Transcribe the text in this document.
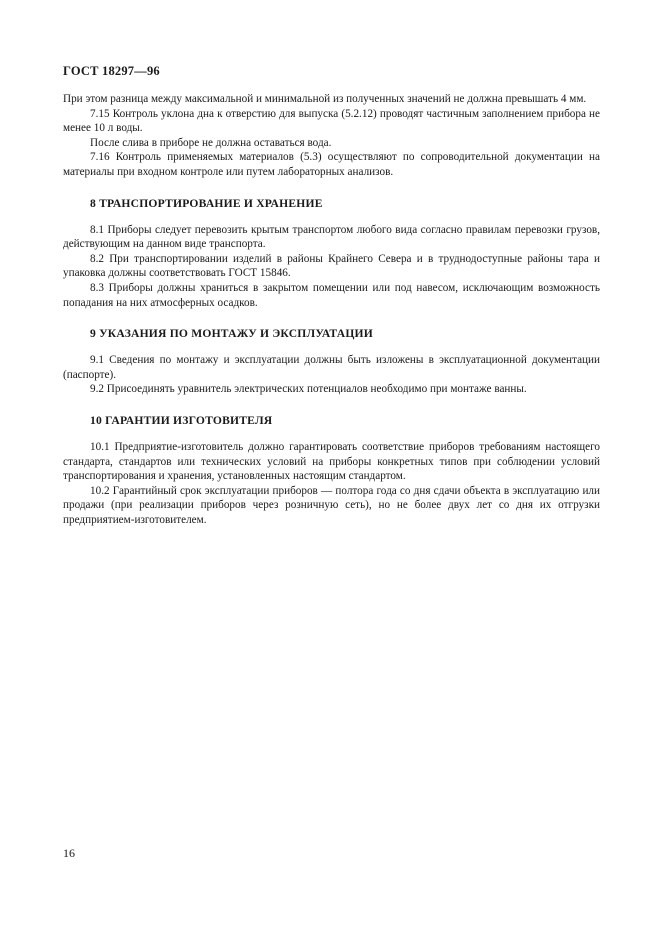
ГОСТ 18297—96

При этом разница между максимальной и минимальной из полученных значений не должна превышать 4 мм.

7.15 Контроль уклона дна к отверстию для выпуска (5.2.12) проводят частичным заполнением прибора не менее 10 л воды.

После слива в приборе не должна оставаться вода.

7.16 Контроль применяемых материалов (5.3) осуществляют по сопроводительной документации на материалы при входном контроле или путем лабораторных анализов.

8 ТРАНСПОРТИРОВАНИЕ И ХРАНЕНИЕ

8.1 Приборы следует перевозить крытым транспортом любого вида согласно правилам перевозки грузов, действующим на данном виде транспорта.

8.2 При транспортировании изделий в районы Крайнего Севера и в труднодоступные районы тара и упаковка должны соответствовать ГОСТ 15846.

8.3 Приборы должны храниться в закрытом помещении или под навесом, исключающим возможность попадания на них атмосферных осадков.

9 УКАЗАНИЯ ПО МОНТАЖУ И ЭКСПЛУАТАЦИИ

9.1 Сведения по монтажу и эксплуатации должны быть изложены в эксплуатационной документации (паспорте).

9.2 Присоединять уравнитель электрических потенциалов необходимо при монтаже ванны.

10 ГАРАНТИИ ИЗГОТОВИТЕЛЯ

10.1 Предприятие-изготовитель должно гарантировать соответствие приборов требованиям настоящего стандарта, стандартов или технических условий на приборы конкретных типов при соблюдении условий транспортирования и хранения, установленных настоящим стандартом.

10.2 Гарантийный срок эксплуатации приборов — полтора года со дня сдачи объекта в эксплуатацию или продажи (при реализации приборов через розничную сеть), но не более двух лет со дня их отгрузки предприятием-изготовителем.

16
